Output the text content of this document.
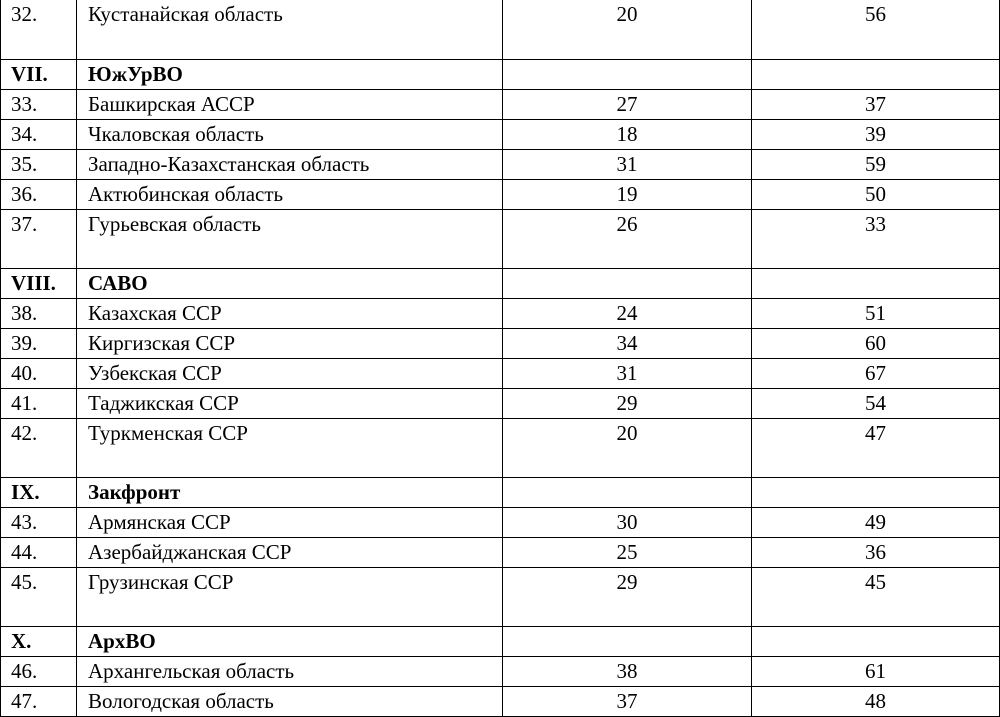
32.	Кустанайская область	20	56
VII.	ЮжУрВО		
33.	Башкирская АССР	27	37
34.	Чкаловская область	18	39
35.	Западно-Казахстанская область	31	59
36.	Актюбинская область	19	50
37.	Гурьевская область	26	33
VIII.	САВО		
38.	Казахская ССР	24	51
39.	Киргизская ССР	34	60
40.	Узбекская ССР	31	67
41.	Таджикская ССР	29	54
42.	Туркменская ССР	20	47
IX.	Закфронт		
43.	Армянская ССР	30	49
44.	Азербайджанская ССР	25	36
45.	Грузинская ССР	29	45
X.	АрхВО		
46.	Архангельская область	38	61
47.	Вологодская область	37	48
